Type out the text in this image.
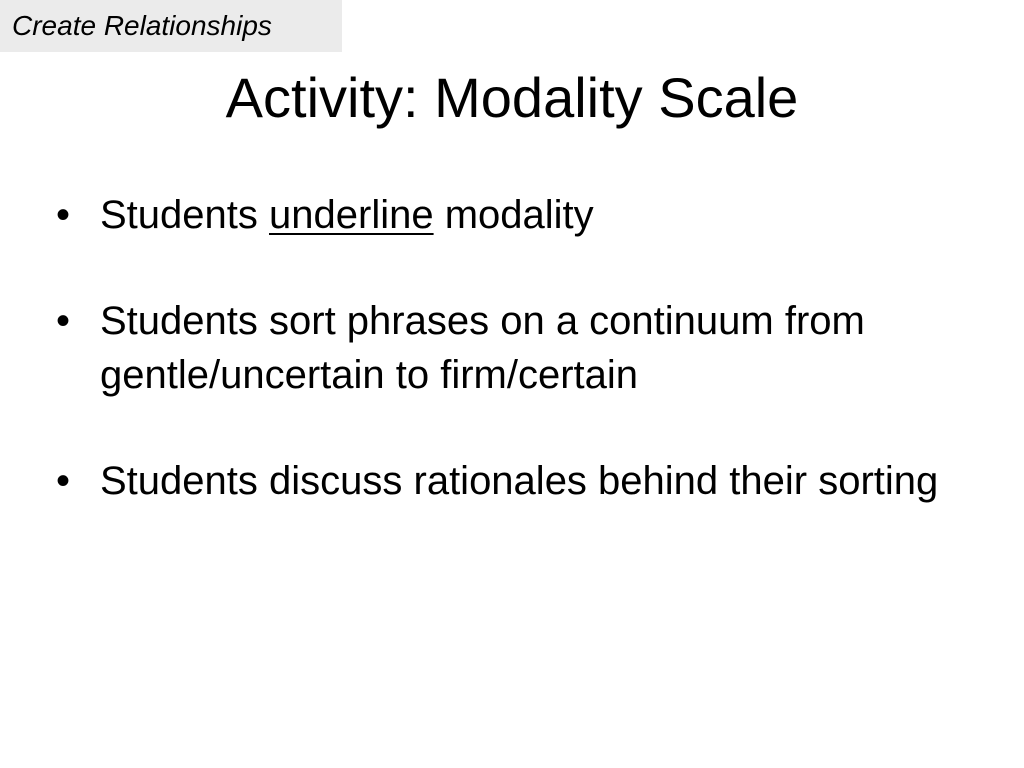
Create Relationships
Activity: Modality Scale
• Students underline modality
• Students sort phrases on a continuum from gentle/uncertain to firm/certain
• Students discuss rationales behind their sorting
